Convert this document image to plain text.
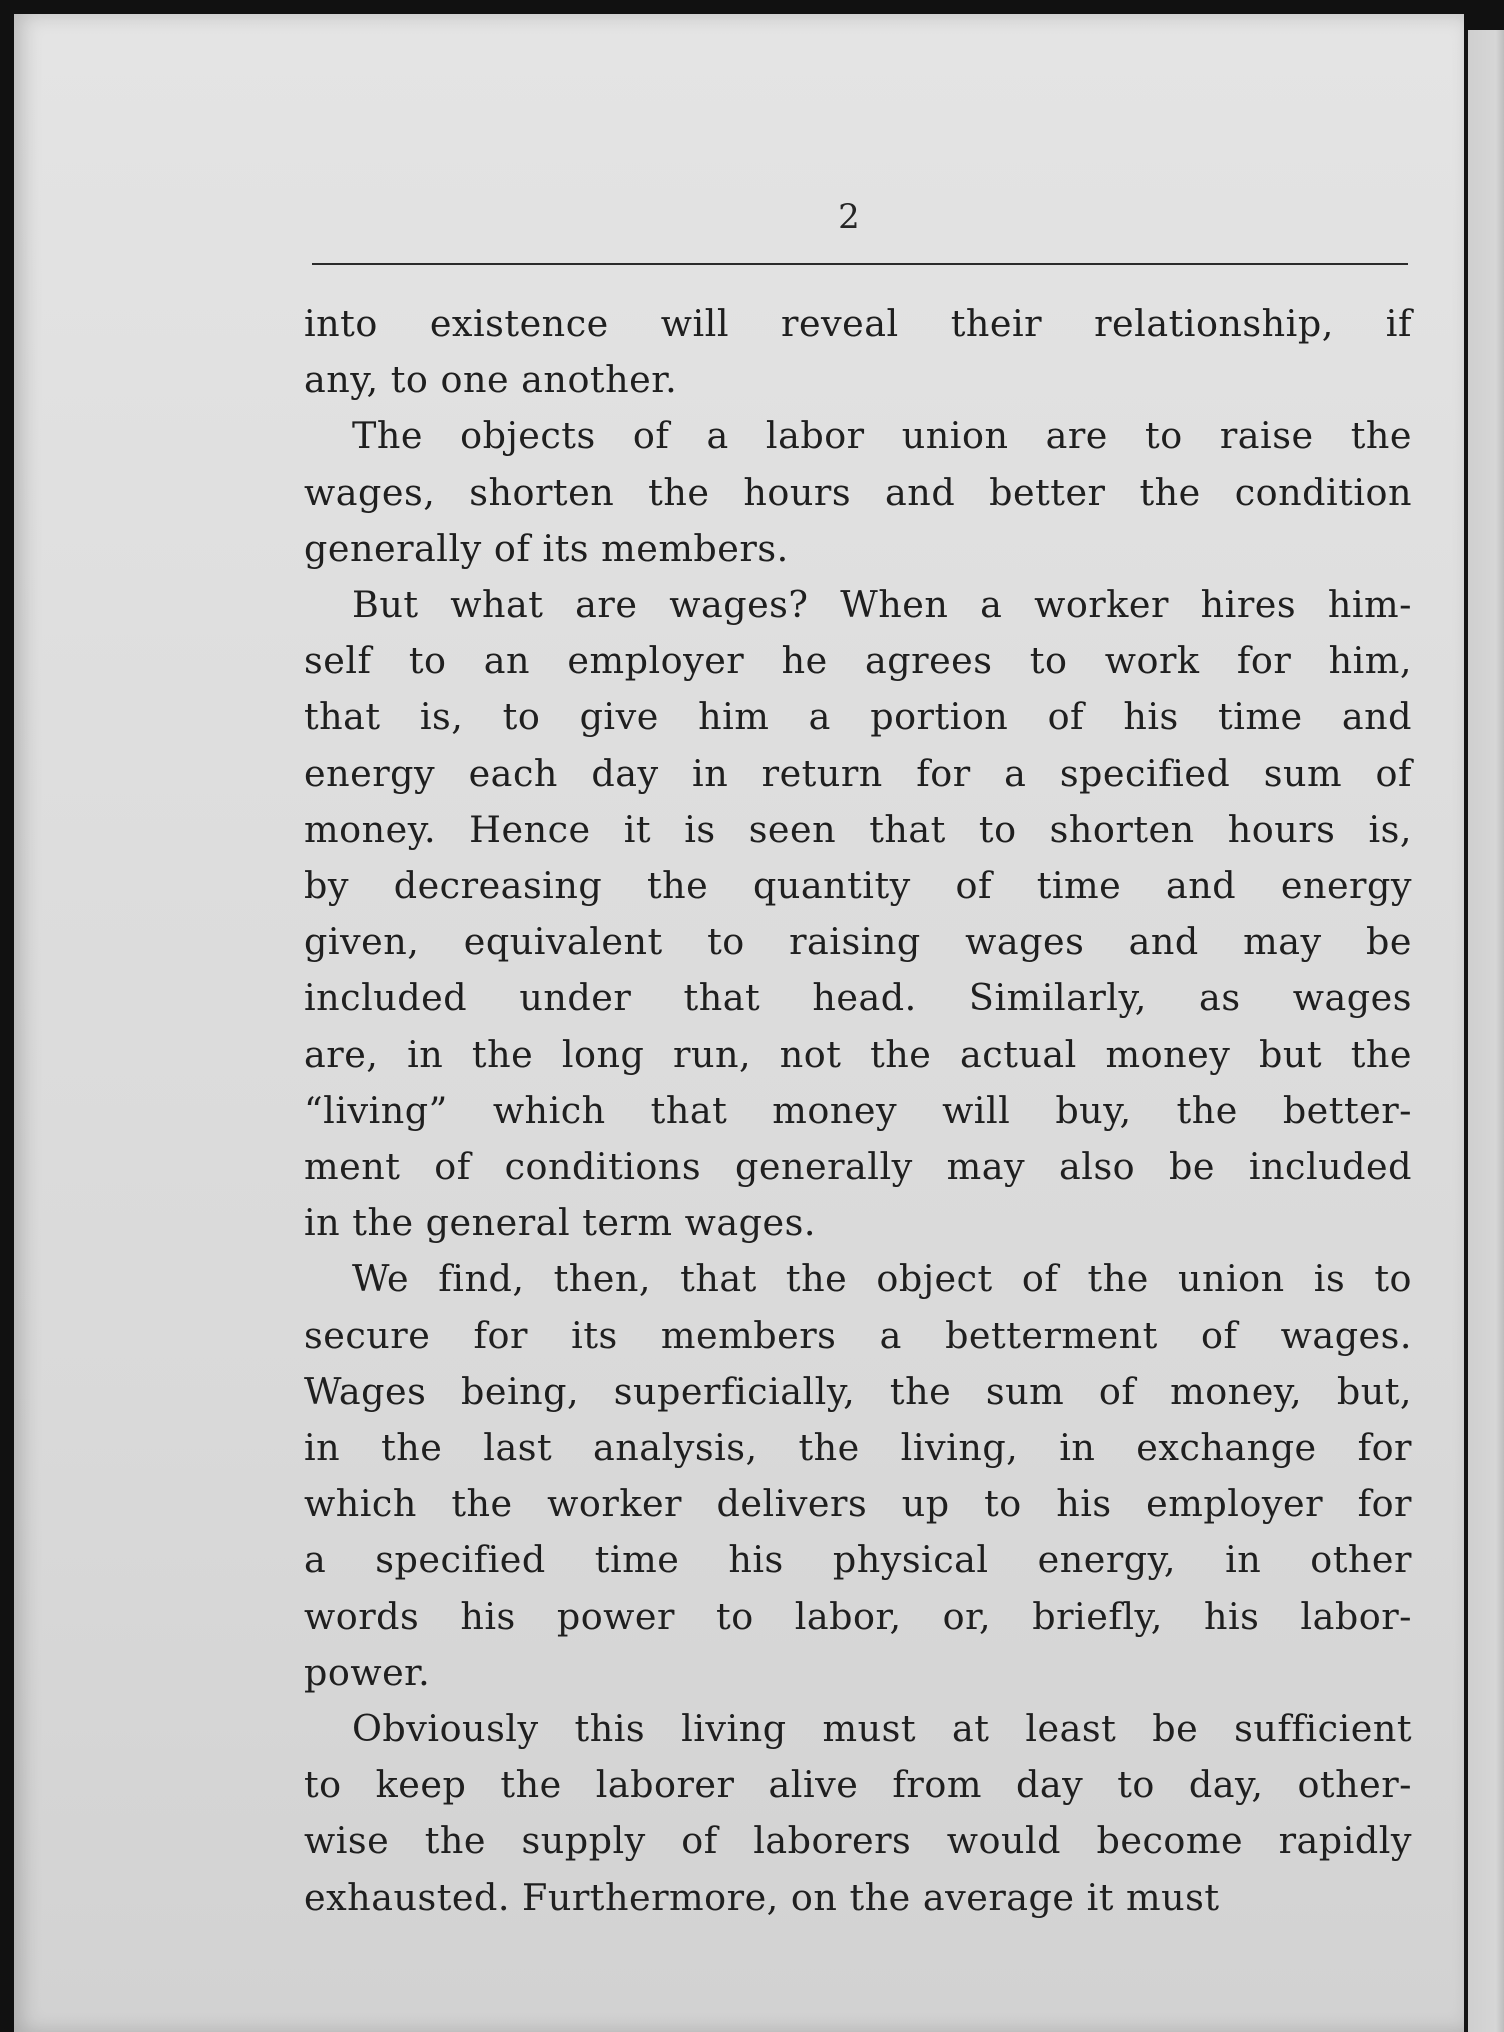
2
into existence will reveal their relationship, if
any, to one another.
The objects of a labor union are to raise the
wages, shorten the hours and better the condition
generally of its members.
But what are wages? When a worker hires him-
self to an employer he agrees to work for him,
that is, to give him a portion of his time and
energy each day in return for a specified sum of
money. Hence it is seen that to shorten hours is,
by decreasing the quantity of time and energy
given, equivalent to raising wages and may be
included under that head. Similarly, as wages
are, in the long run, not the actual money but the
“living” which that money will buy, the better-
ment of conditions generally may also be included
in the general term wages.
We find, then, that the object of the union is to
secure for its members a betterment of wages.
Wages being, superficially, the sum of money, but,
in the last analysis, the living, in exchange for
which the worker delivers up to his employer for
a specified time his physical energy, in other
words his power to labor, or, briefly, his labor-
power.
Obviously this living must at least be sufficient
to keep the laborer alive from day to day, other-
wise the supply of laborers would become rapidly
exhausted. Furthermore, on the average it must
